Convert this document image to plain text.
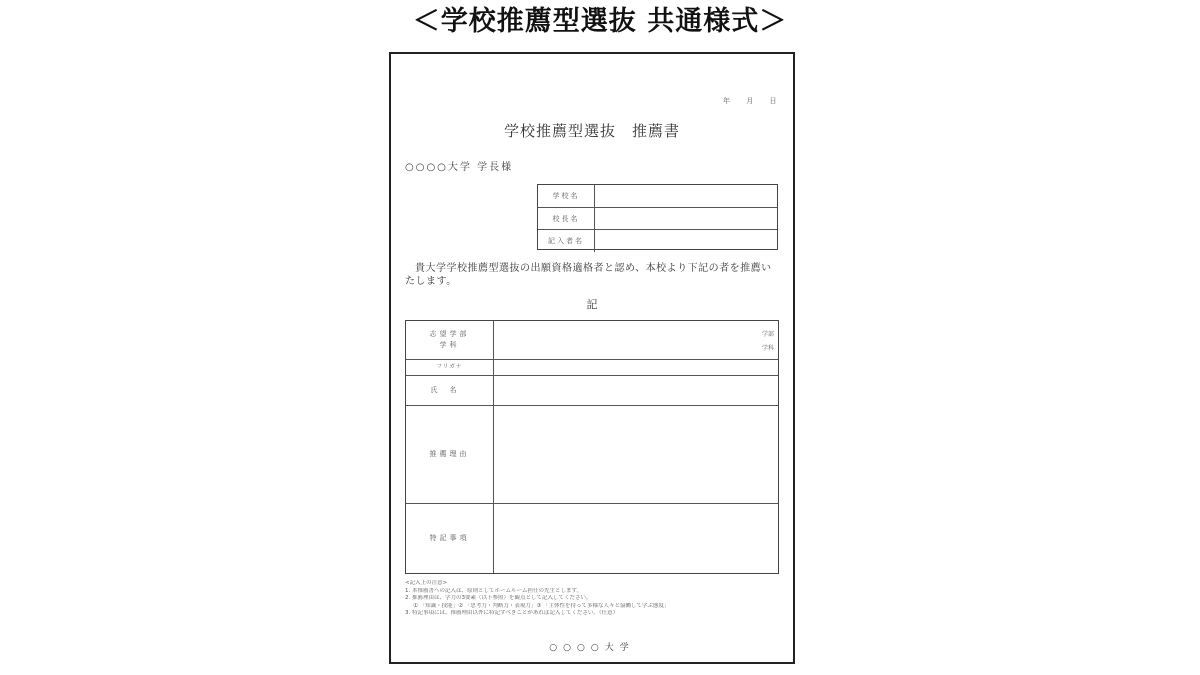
＜学校推薦型選抜 共通様式＞
年 月 日
学校推薦型選抜　推薦書
○○○○大学 学長様
学校名
校長名
記入者名
貴大学学校推薦型選抜の出願資格適格者と認め、本校より下記の者を推薦いたします。
記
志望学部
学科
学部
学科
フリガナ
氏名
推薦理由
特記事項
<記入上の注意>
1. 本推薦書への記入は、原則としてホームルーム担任の先生とします。
2. 推薦理由は、学力の3要素（以下参照）を観点として記入してください。
① 「知識・技能」② 「思考力・判断力・表現力」③ 「主体性を持って多様な人々と協働して学ぶ態度」
3. 特記事項には、推薦理由以外に特記すべきことがあれば記入してください。（任意）
○○○○大学
